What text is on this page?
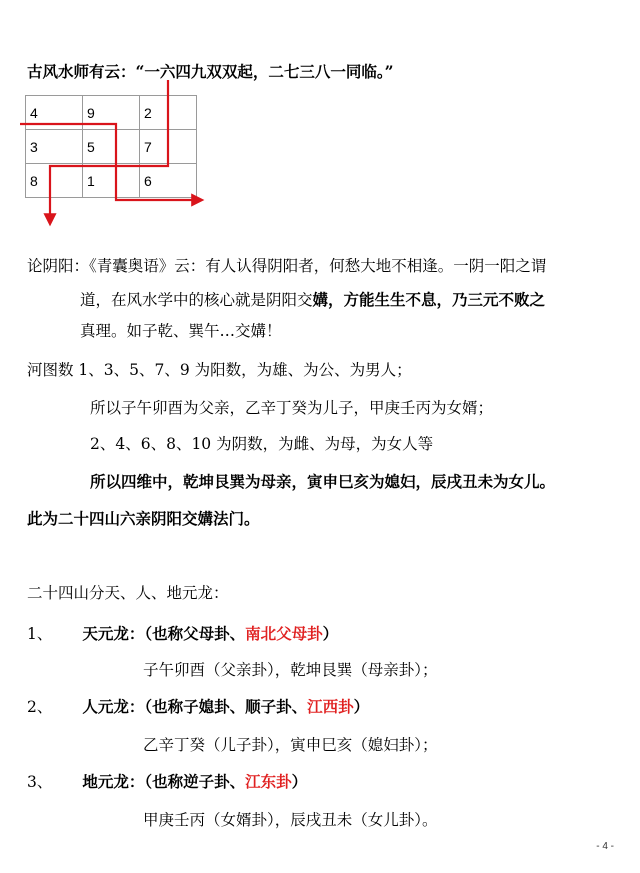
古风水师有云：“一六四九双双起，二七三八一同临。”
4	9	2
3	5	7
8	1	6
论阴阳：《青囊奥语》云：有人认得阴阳者，何愁大地不相逢。一阴一阳之谓
道，在风水学中的核心就是阴阳交媾，方能生生不息，乃三元不败之
真理。如子乾、巽午…交媾！
河图数 1、3、5、7、9 为阳数，为雄、为公、为男人；
所以子午卯酉为父亲，乙辛丁癸为儿子，甲庚壬丙为女婿；
2、4、6、8、10 为阴数，为雌、为母，为女人等
所以四维中，乾坤艮巽为母亲，寅申巳亥为媳妇，辰戌丑未为女儿。
此为二十四山六亲阴阳交媾法门。
二十四山分天、人、地元龙：
1、 天元龙：（也称父母卦、南北父母卦）
子午卯酉（父亲卦），乾坤艮巽（母亲卦）；
2、 人元龙：（也称子媳卦、顺子卦、江西卦）
乙辛丁癸（儿子卦），寅申巳亥（媳妇卦）；
3、 地元龙：（也称逆子卦、江东卦）
甲庚壬丙（女婿卦），辰戌丑未（女儿卦）。
- 4 -
